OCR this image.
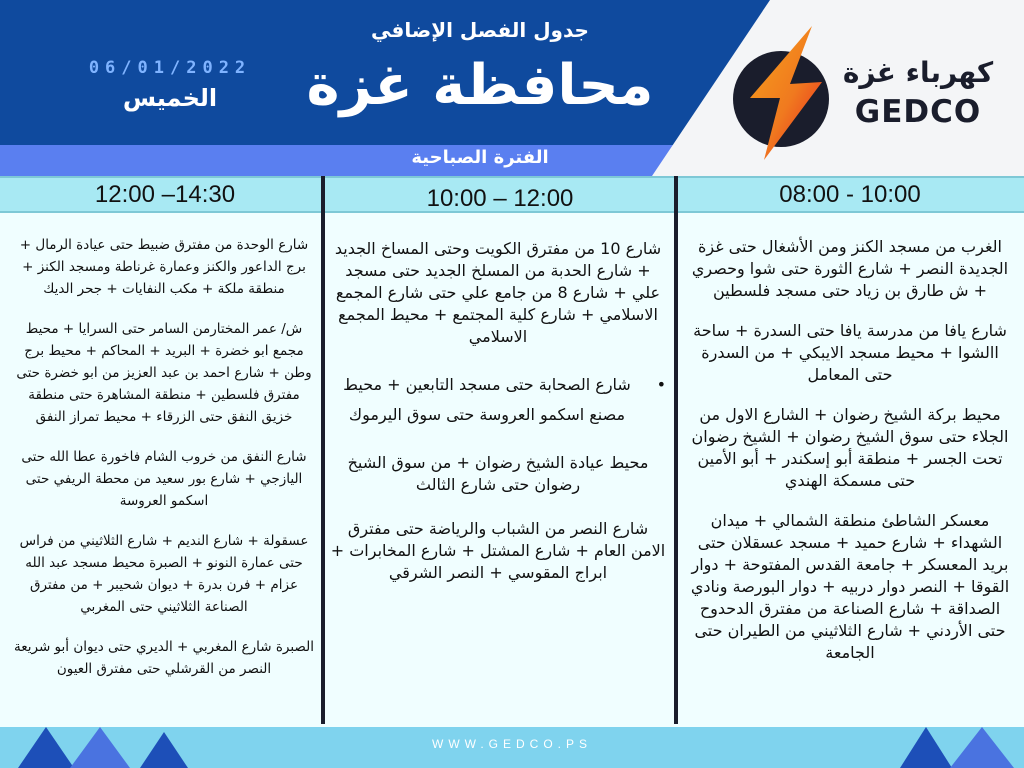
جدول الفصل الإضافي
محافظة غزة
06/01/2022
الخميس
الفترة الصباحية
كهرباء غزة
GEDCO
12:00 –14:30	10:00 – 12:00	08:00 - 10:00

شارع الوحدة من مفترق ضبيط حتى عيادة الرمال + برج الداعور والكنز وعمارة غرناطة ومسجد الكنز + منطقة ملكة + مكب النفايات + جحر الديك

ش/ عمر المختارمن السامر حتى السرايا + محيط مجمع ابو خضرة + البريد + المحاكم + محيط برج وطن + شارع احمد بن عبد العزيز من ابو خضرة حتى مفترق فلسطين + منطقة المشاهرة حتى منطقة خزيق النفق حتى الزرقاء + محيط تمراز النفق

شارع النفق من خروب الشام فاخورة عطا الله حتى اليازجي + شارع بور سعيد من محطة الريفي حتى اسكمو العروسة

عسقولة + شارع النديم + شارع الثلاثيني من فراس حتى عمارة النونو + الصبرة محيط مسجد عبد الله عزام + فرن بدرة + ديوان شحيبر + من مفترق الصناعة الثلاثيني حتى المغربي

الصبرة شارع المغربي + الديري حتى ديوان أبو شريعة النصر من القرشلي حتى مفترق العيون

شارع 10 من مفترق الكويت وحتى المساخ الجديد + شارع الحدبة من المسلخ الجديد حتى مسجد علي + شارع 8 من جامع علي حتى شارع المجمع الاسلامي + شارع كلية المجتمع + محيط المجمع الاسلامي

• شارع الصحابة حتى مسجد التابعين + محيط مصنع اسكمو العروسة حتى سوق اليرموك

محيط عيادة الشيخ رضوان + من سوق الشيخ رضوان حتى شارع الثالث

شارع النصر من الشباب والرياضة حتى مفترق الامن العام + شارع المشتل + شارع المخابرات + ابراج المقوسي + النصر الشرقي

الغرب من مسجد الكنز ومن الأشغال حتى غزة الجديدة النصر + شارع الثورة حتى شوا وحصري + ش طارق بن زياد حتى مسجد فلسطين

شارع يافا من مدرسة يافا حتى السدرة + ساحة االشوا + محيط مسجد الايبكي + من السدرة حتى المعامل

محيط بركة الشيخ رضوان + الشارع الاول من الجلاء حتى سوق الشيخ رضوان + الشيخ رضوان تحت الجسر + منطقة أبو إسكندر + أبو الأمين حتى مسمكة الهندي

معسكر الشاطئ منطقة الشمالي + ميدان الشهداء + شارع حميد + مسجد عسقلان حتى بريد المعسكر + جامعة القدس المفتوحة + دوار القوقا + النصر دوار دربيه + دوار البورصة ونادي الصداقة + شارع الصناعة من مفترق الدحدوح حتى الأردني + شارع الثلاثيني من الطيران حتى الجامعة

WWW.GEDCO.PS
